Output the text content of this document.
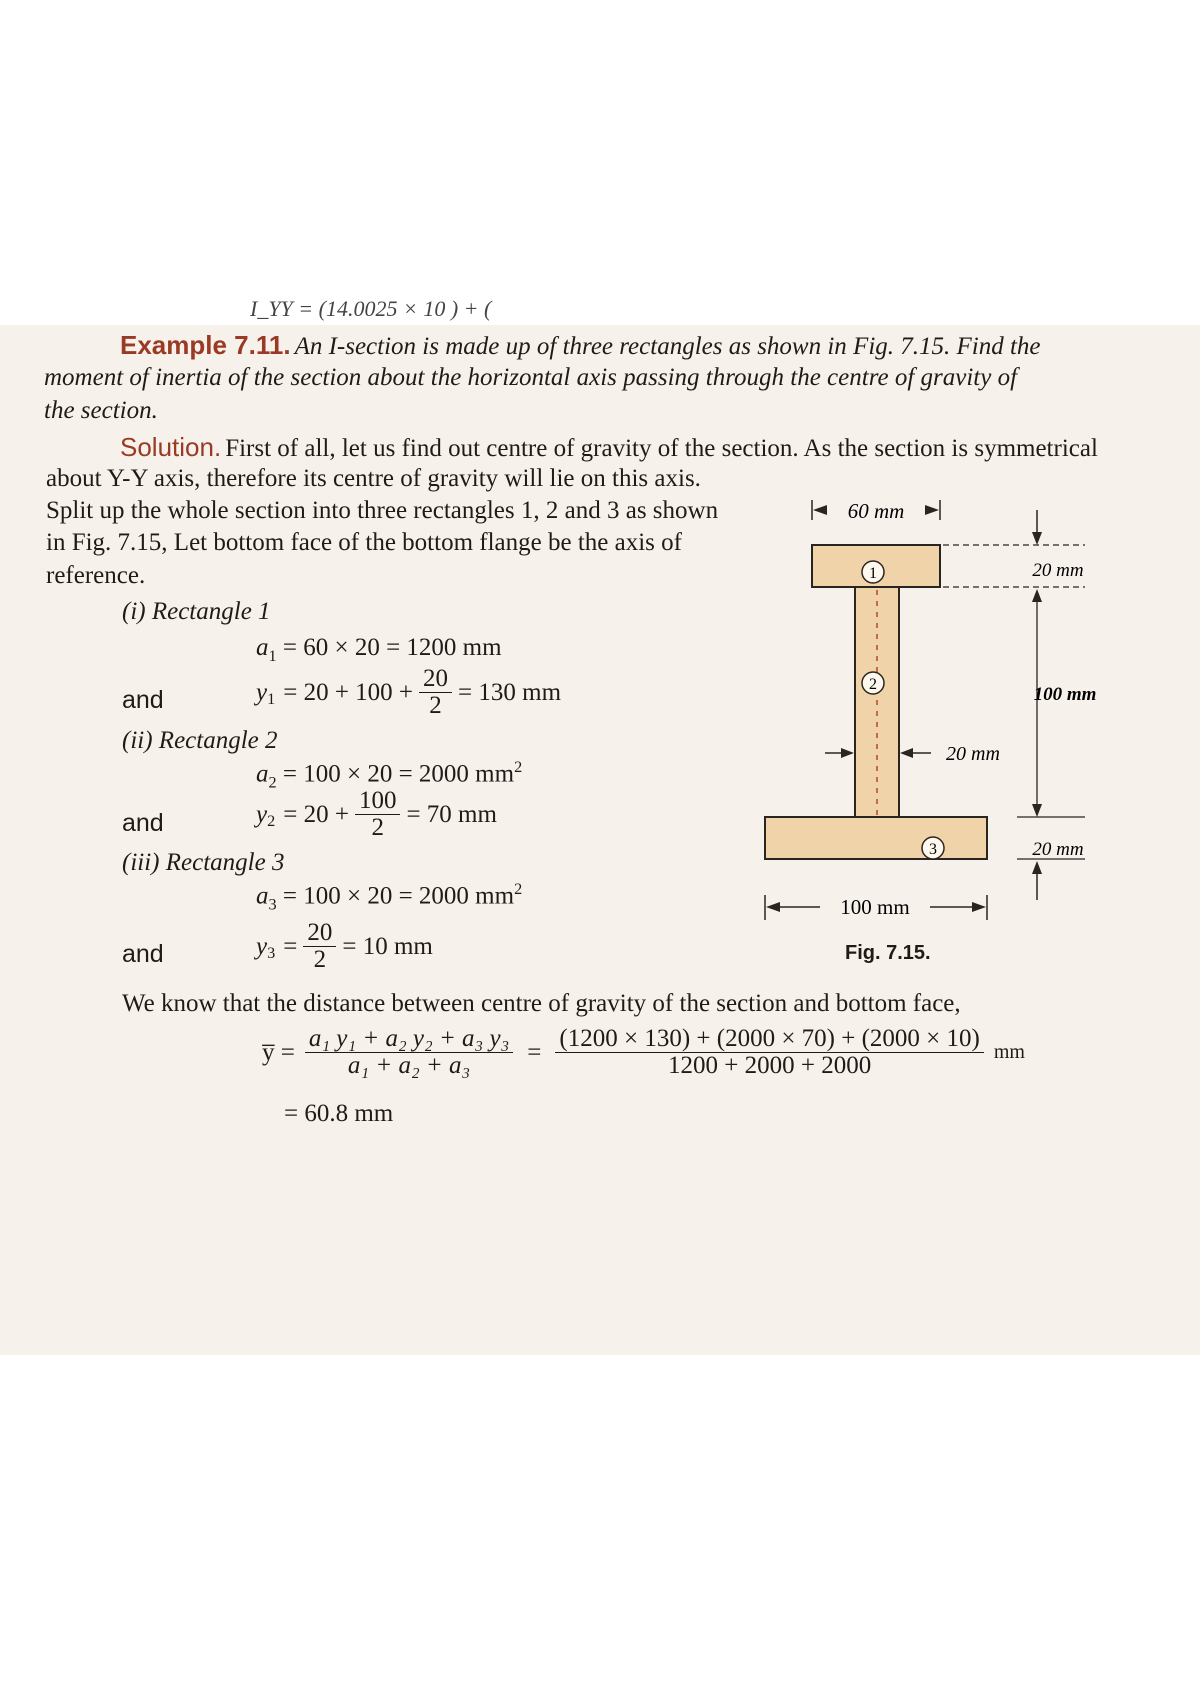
I_YY = (14.0025 × 10 ) + (
Example 7.11. An I-section is made up of three rectangles as shown in Fig. 7.15. Find the
moment of inertia of the section about the horizontal axis passing through the centre of gravity of
the section.
Solution. First of all, let us find out centre of gravity of the section. As the section is symmetrical
about Y-Y axis, therefore its centre of gravity will lie on this axis.
Split up the whole section into three rectangles 1, 2 and 3 as shown
in Fig. 7.15, Let bottom face of the bottom flange be the axis of
reference.
(i) Rectangle 1
$a_1 = 60 \times 20 = 1200$ mm
and	$y_1 = 20 + 100 + \frac{20}{2} = 130$ mm
(ii) Rectangle 2
$a_2 = 100 \times 20 = 2000$ $mm^2$
and	$y_2 = 20 + \frac{100}{2} = 70$ mm
(iii) Rectangle 3
$a_3 = 100 \times 20 = 2000$ $mm^2$
and	$y_3 = \frac{20}{2} = 10$ mm
We know that the distance between centre of gravity of the section and bottom face,
y̅ = $\frac{\text{a₁ y₁ + a₂ y₂ + a₃ y₃}}{\text{a₁ + a₂ + a₃}} = \frac{(1200 \times 130) + (2000 \times 70) + (2000 \times 10)}{1200 + 2000 + 2000}$ mm
= 60.8 mm
1
2
3
60 mm
20 mm
100 mm
20 mm
20 mm
100 mm
Fig. 7.15.
